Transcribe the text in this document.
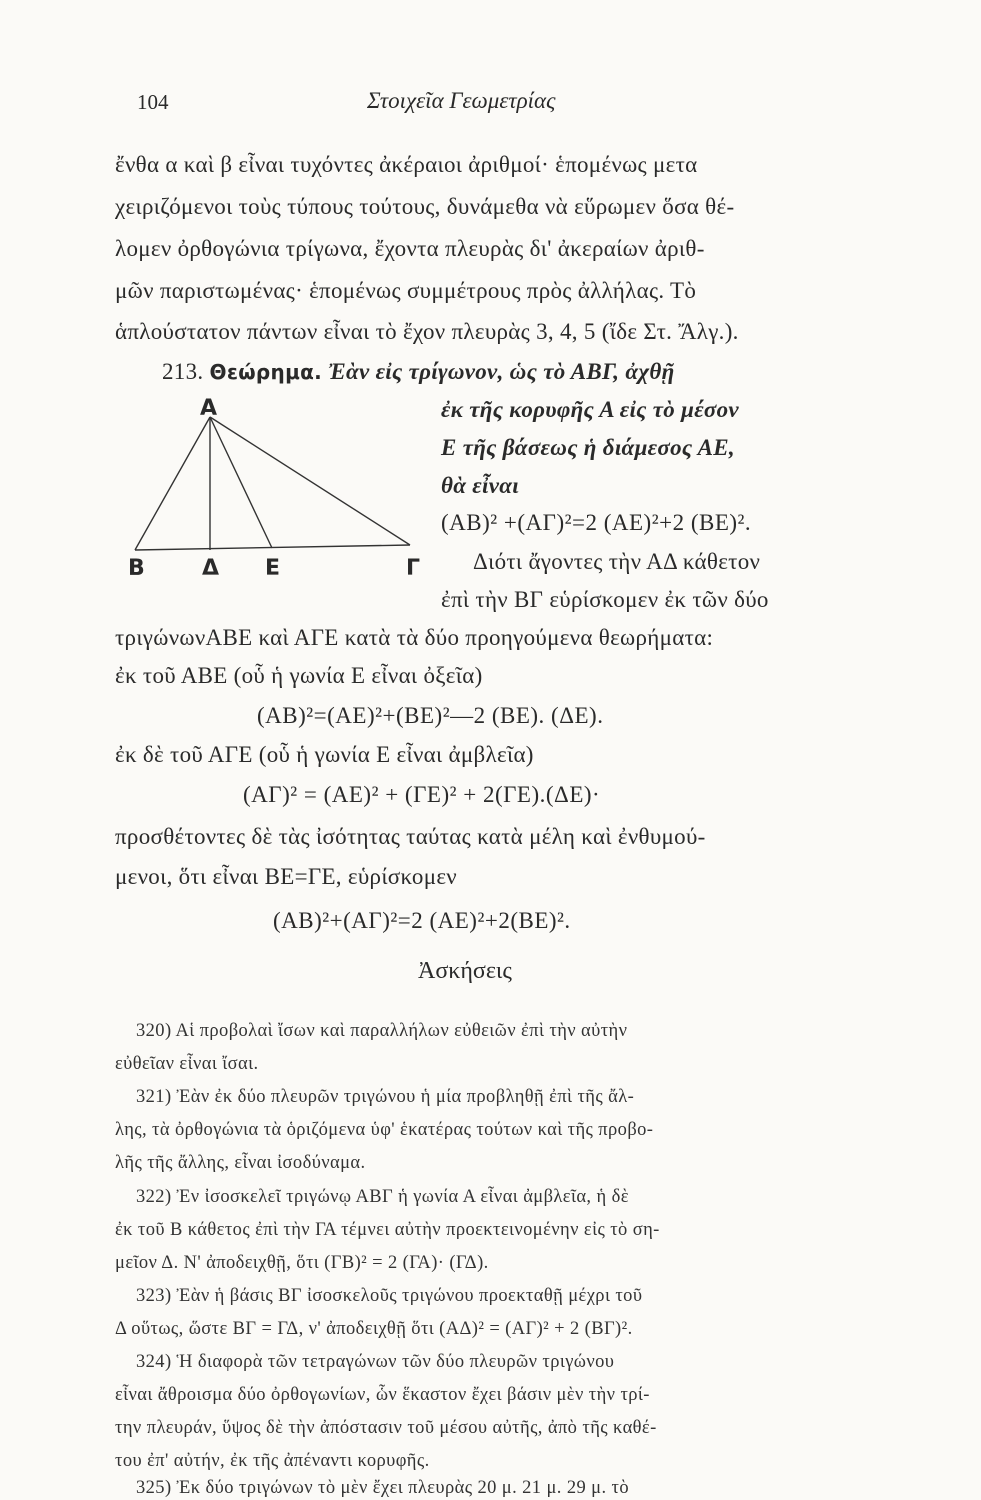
104	Στοιχεῖα Γεωμετρίας
ἔνθα α καὶ β εἶναι τυχόντες ἀκέραιοι ἀριθμοί· ἑπομένως μετα
χειριζόμενοι τοὺς τύπους τούτους, δυνάμεθα νὰ εὕρωμεν ὅσα θέ-
λομεν ὀρθογώνια τρίγωνα, ἔχοντα πλευρὰς δι' ἀκεραίων ἀριθ-
μῶν παριστωμένας· ἑπομένως συμμέτρους πρὸς ἀλλήλας. Τὸ
ἁπλούστατον πάντων εἶναι τὸ ἔχον πλευρὰς 3, 4, 5 (ἴδε Στ. Ἄλγ.).
213. Θεώρημα. Ἐὰν εἰς τρίγωνον, ὡς τὸ ΑΒΓ, ἀχθῇ
ἐκ τῆς κορυφῆς Α εἰς τὸ μέσον
Ε τῆς βάσεως ἡ διάμεσος ΑΕ,
θὰ εἶναι
(ΑΒ)² +(ΑΓ)²=2 (ΑΕ)²+2 (ΒΕ)².
Διότι ἄγοντες τὴν ΑΔ κάθετον
ἐπὶ τὴν ΒΓ εὑρίσκομεν ἐκ τῶν δύο
Α
Β	Δ Ε	Γ
τριγώνωνΑΒΕ καὶ ΑΓΕ κατὰ τὰ δύο προηγούμενα θεωρήματα:
ἐκ τοῦ ΑΒΕ (οὗ ἡ γωνία Ε εἶναι ὀξεῖα)
(ΑΒ)²=(ΑΕ)²+(ΒΕ)²—2 (ΒΕ). (ΔΕ).
ἐκ δὲ τοῦ ΑΓΕ (οὗ ἡ γωνία Ε εἶναι ἀμβλεῖα)
(ΑΓ)² = (ΑΕ)² + (ΓΕ)² + 2(ΓΕ).(ΔΕ)·
προσθέτοντες δὲ τὰς ἰσότητας ταύτας κατὰ μέλη καὶ ἐνθυμού-
μενοι, ὅτι εἶναι ΒΕ=ΓΕ, εὑρίσκομεν
(ΑΒ)²+(ΑΓ)²=2 (ΑΕ)²+2(ΒΕ)².
Ἀσκήσεις
320) Αἱ προβολαὶ ἴσων καὶ παραλλήλων εὐθειῶν ἐπὶ τὴν αὐτὴν
εὐθεῖαν εἶναι ἴσαι.
321) Ἐὰν ἐκ δύο πλευρῶν τριγώνου ἡ μία προβληθῇ ἐπὶ τῆς ἄλ-
λης, τὰ ὀρθογώνια τὰ ὁριζόμενα ὑφ' ἑκατέρας τούτων καὶ τῆς προβο-
λῆς τῆς ἄλλης, εἶναι ἰσοδύναμα.
322) Ἐν ἰσοσκελεῖ τριγώνῳ ΑΒΓ ἡ γωνία Α εἶναι ἀμβλεῖα, ἡ δὲ
ἐκ τοῦ Β κάθετος ἐπὶ τὴν ΓΑ τέμνει αὐτὴν προεκτεινομένην εἰς τὸ ση-
μεῖον Δ. Ν' ἀποδειχθῇ, ὅτι (ΓΒ)² = 2 (ΓΑ)· (ΓΔ).
323) Ἐὰν ἡ βάσις ΒΓ ἰσοσκελοῦς τριγώνου προεκταθῇ μέχρι τοῦ
Δ οὕτως, ὥστε ΒΓ = ΓΔ, ν' ἀποδειχθῇ ὅτι (ΑΔ)² = (ΑΓ)² + 2 (ΒΓ)².
324) Ἡ διαφορὰ τῶν τετραγώνων τῶν δύο πλευρῶν τριγώνου
εἶναι ἄθροισμα δύο ὀρθογωνίων, ὧν ἕκαστον ἔχει βάσιν μὲν τὴν τρί-
την πλευράν, ὕψος δὲ τὴν ἀπόστασιν τοῦ μέσου αὐτῆς, ἀπὸ τῆς καθέ-
του ἐπ' αὐτήν, ἐκ τῆς ἀπέναντι κορυφῆς.
325) Ἐκ δύο τριγώνων τὸ μὲν ἔχει πλευρὰς 20 μ. 21 μ. 29 μ. τὸ
